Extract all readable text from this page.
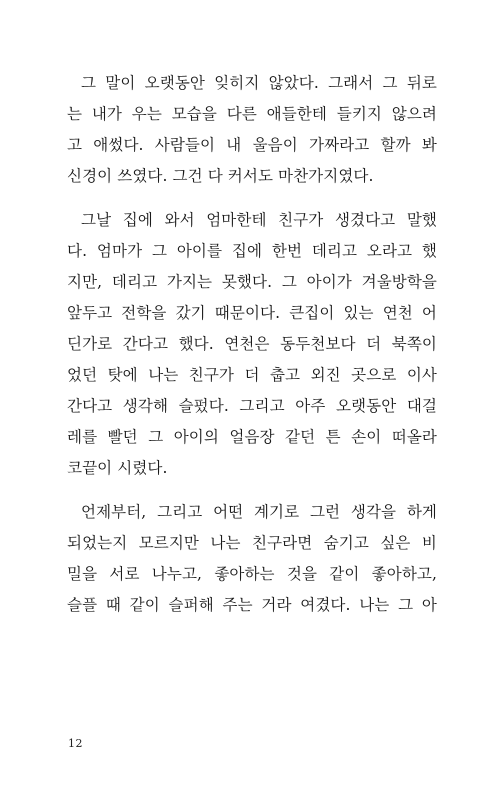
그 말이 오랫동안 잊히지 않았다. 그래서 그 뒤로
는 내가 우는 모습을 다른 애들한테 들키지 않으려
고 애썼다. 사람들이 내 울음이 가짜라고 할까 봐
신경이 쓰였다. 그건 다 커서도 마찬가지였다.
그날 집에 와서 엄마한테 친구가 생겼다고 말했
다. 엄마가 그 아이를 집에 한번 데리고 오라고 했
지만, 데리고 가지는 못했다. 그 아이가 겨울방학을
앞두고 전학을 갔기 때문이다. 큰집이 있는 연천 어
딘가로 간다고 했다. 연천은 동두천보다 더 북쪽이
었던 탓에 나는 친구가 더 춥고 외진 곳으로 이사
간다고 생각해 슬펐다. 그리고 아주 오랫동안 대걸
레를 빨던 그 아이의 얼음장 같던 튼 손이 떠올라
코끝이 시렸다.
언제부터, 그리고 어떤 계기로 그런 생각을 하게
되었는지 모르지만 나는 친구라면 숨기고 싶은 비
밀을 서로 나누고, 좋아하는 것을 같이 좋아하고,
슬플 때 같이 슬퍼해 주는 거라 여겼다. 나는 그 아
12
